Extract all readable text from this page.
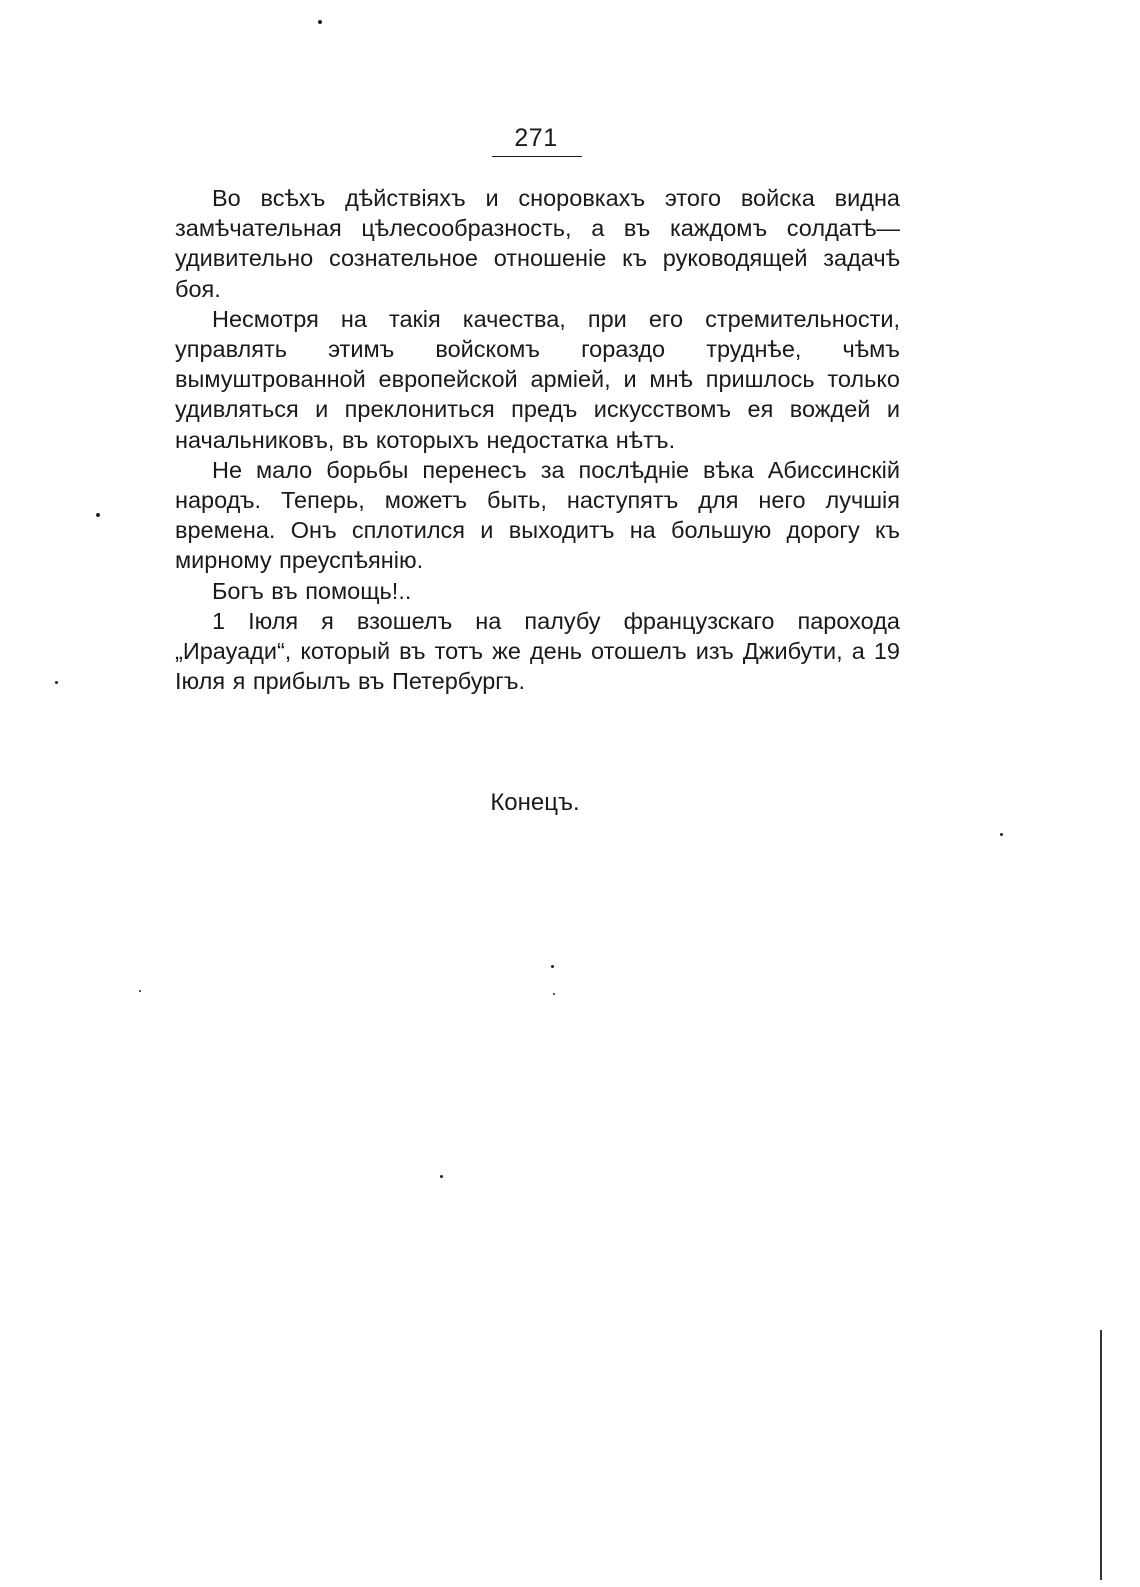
271

Во всѣхъ дѣйствіяхъ и сноровкахъ этого войска видна замѣчательная цѣлесообразность, а въ каждомъ солдатѣ—удивительно сознательное отношеніе къ руководящей задачѣ боя.

Несмотря на такія качества, при его стремительности, управлять этимъ войскомъ гораздо труднѣе, чѣмъ вымуштрованной европейской арміей, и мнѣ пришлось только удивляться и преклониться предъ искусствомъ ея вождей и начальниковъ, въ которыхъ недостатка нѣтъ.

Не мало борьбы перенесъ за послѣдніе вѣка Абиссинскій народъ. Теперь, можетъ быть, наступятъ для него лучшія времена. Онъ сплотился и выходитъ на большую дорогу къ мирному преуспѣянію.

Богъ въ помощь!..

1 Іюля я взошелъ на палубу французскаго парохода „Ирауади“, который въ тотъ же день отошелъ изъ Джибути, а 19 Іюля я прибылъ въ Петербургъ.

Конецъ.
